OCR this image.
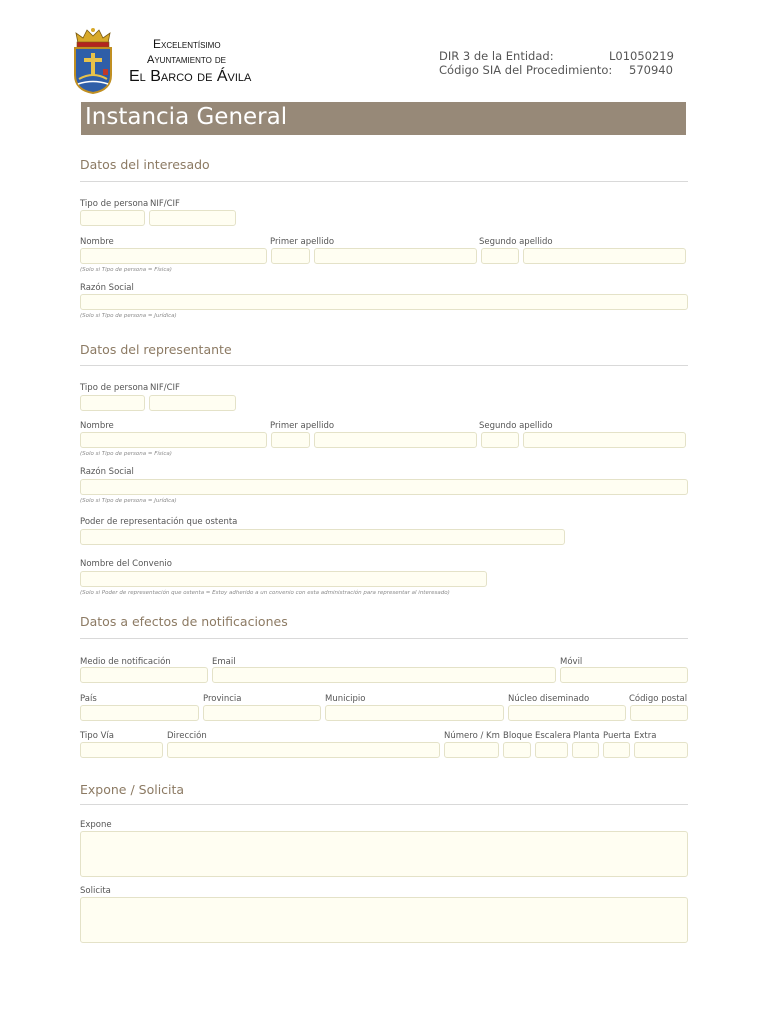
Excelentísimo
Ayuntamiento de
El Barco de Ávila
DIR 3 de la Entidad:	L01050219
Código SIA del Procedimiento: 570940
Instancia General
Datos del interesado
Tipo de persona NIF/CIF
Nombre	Primer apellido	Segundo apellido
(Solo si Tipo de persona = Física)
Razón Social
(Solo si Tipo de persona = Jurídica)
Datos del representante
Tipo de persona NIF/CIF
Nombre	Primer apellido	Segundo apellido
(Solo si Tipo de persona = Física)
Razón Social
(Solo si Tipo de persona = Jurídica)
Poder de representación que ostenta
Nombre del Convenio
(Solo si Poder de representación que ostenta = Estoy adherido a un convenio con esta administración para representar al interesado)
Datos a efectos de notificaciones
Medio de notificación	Email	Móvil
País	Provincia	Municipio	Núcleo diseminado	Código postal
Tipo Vía	Dirección	Número / Km Bloque Escalera Planta Puerta Extra
Expone / Solicita
Expone
Solicita
